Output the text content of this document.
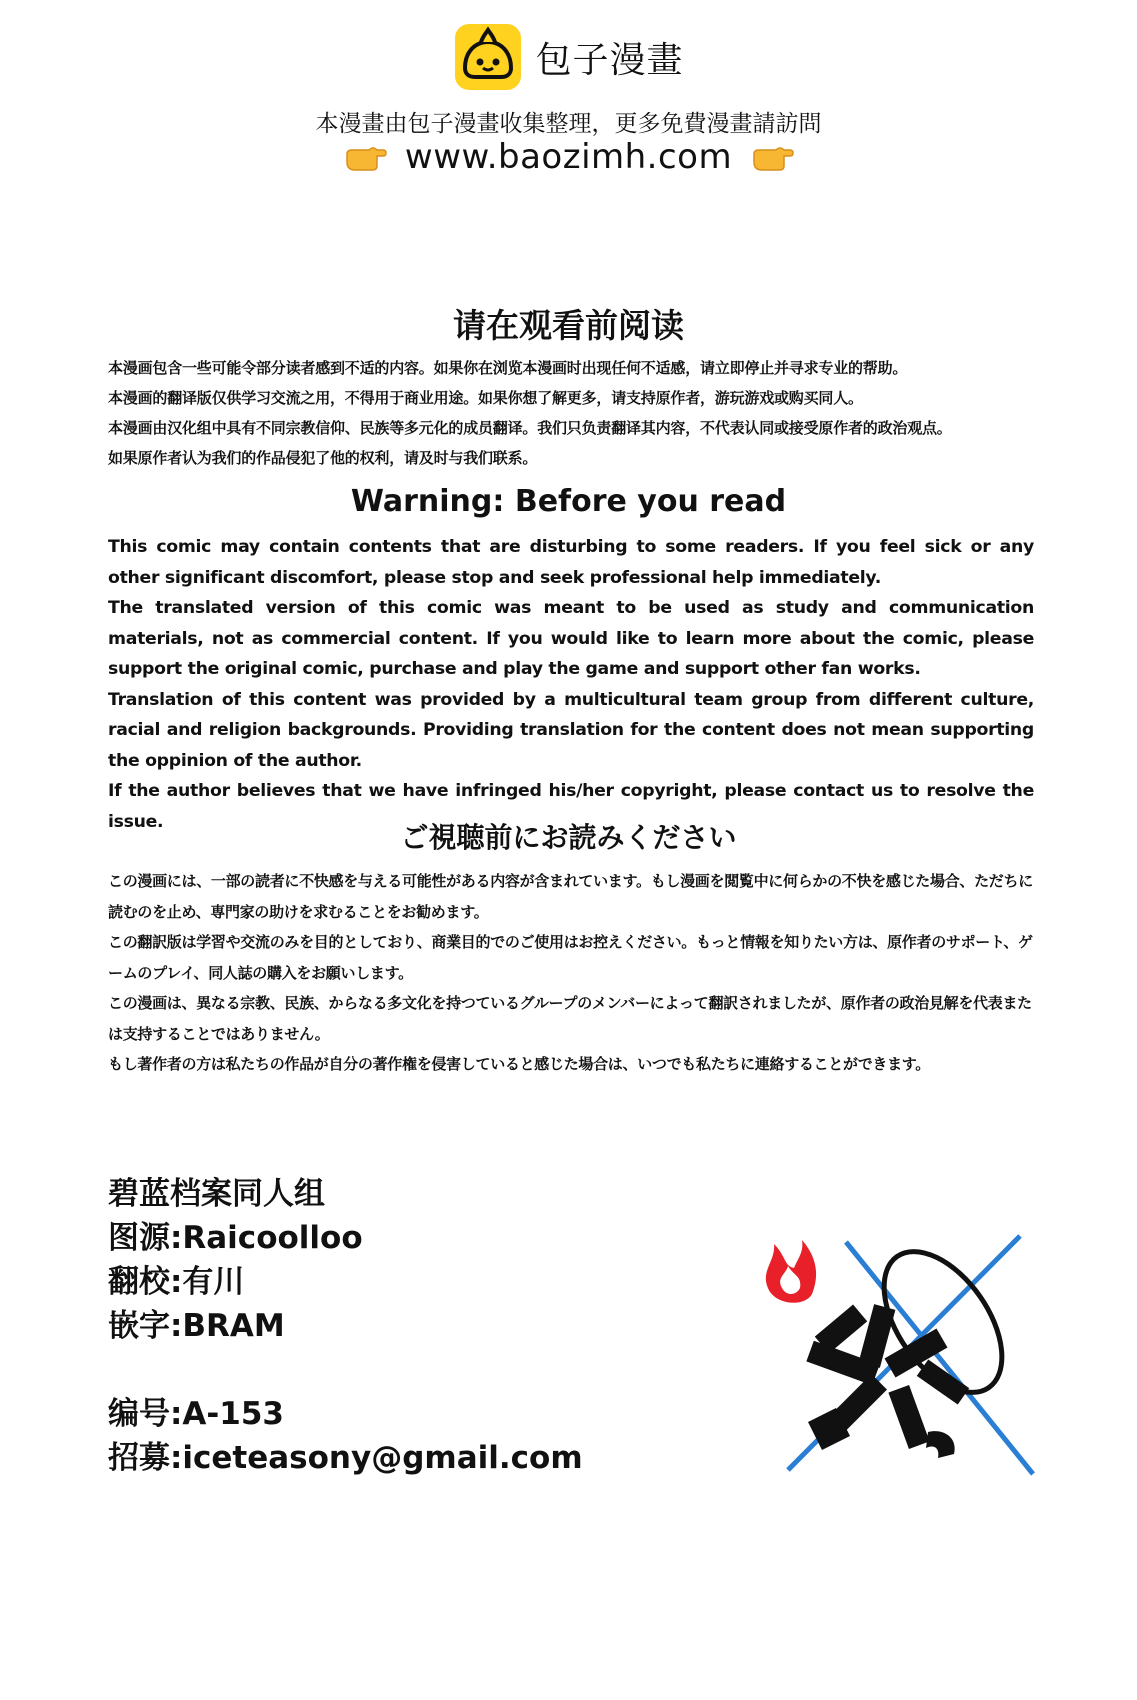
包子漫畫
本漫畫由包子漫畫收集整理，更多免費漫畫請訪問
www.baozimh.com
请在观看前阅读

本漫画包含一些可能令部分读者感到不适的内容。如果你在浏览本漫画时出现任何不适感，请立即停止并寻求专业的帮助。

本漫画的翻译版仅供学习交流之用，不得用于商业用途。如果你想了解更多，请支持原作者，游玩游戏或购买同人。

本漫画由汉化组中具有不同宗教信仰、民族等多元化的成员翻译。我们只负责翻译其内容，不代表认同或接受原作者的政治观点。

如果原作者认为我们的作品侵犯了他的权利，请及时与我们联系。

Warning: Before you read

This comic may contain contents that are disturbing to some readers. If you feel sick or any other significant discomfort, please stop and seek professional help immediately.

The translated version of this comic was meant to be used as study and communication materials, not as commercial content. If you would like to learn more about the comic, please support the original comic, purchase and play the game and support other fan works.

Translation of this content was provided by a multicultural team group from different culture, racial and religion backgrounds. Providing translation for the content does not mean supporting the oppinion of the author.

If the author believes that we have infringed his/her copyright, please contact us to resolve the issue.	ご視聴前にお読みください

この漫画には、一部の読者に不快感を与える可能性がある内容が含まれています。もし漫画を閲覧中に何らかの不快を感じた場合、ただちに読むのを止め、専門家の助けを求むることをお勧めます。

この翻訳版は学習や交流のみを目的としており、商業目的でのご使用はお控えください。もっと情報を知りたい方は、原作者のサポート、ゲームのプレイ、同人誌の購入をお願いします。

この漫画は、異なる宗教、民族、からなる多文化を持つているグループのメンバーによって翻訳されましたが、原作者の政治見解を代表または支持することではありません。

もし著作者の方は私たちの作品が自分の著作権を侵害していると感じた場合は、いつでも私たちに連絡することができます。

碧蓝档案同人组
图源:Raicoolloo
翻校:有川
嵌字:BRAM
编号:A-153
招募:iceteasony@gmail.com
